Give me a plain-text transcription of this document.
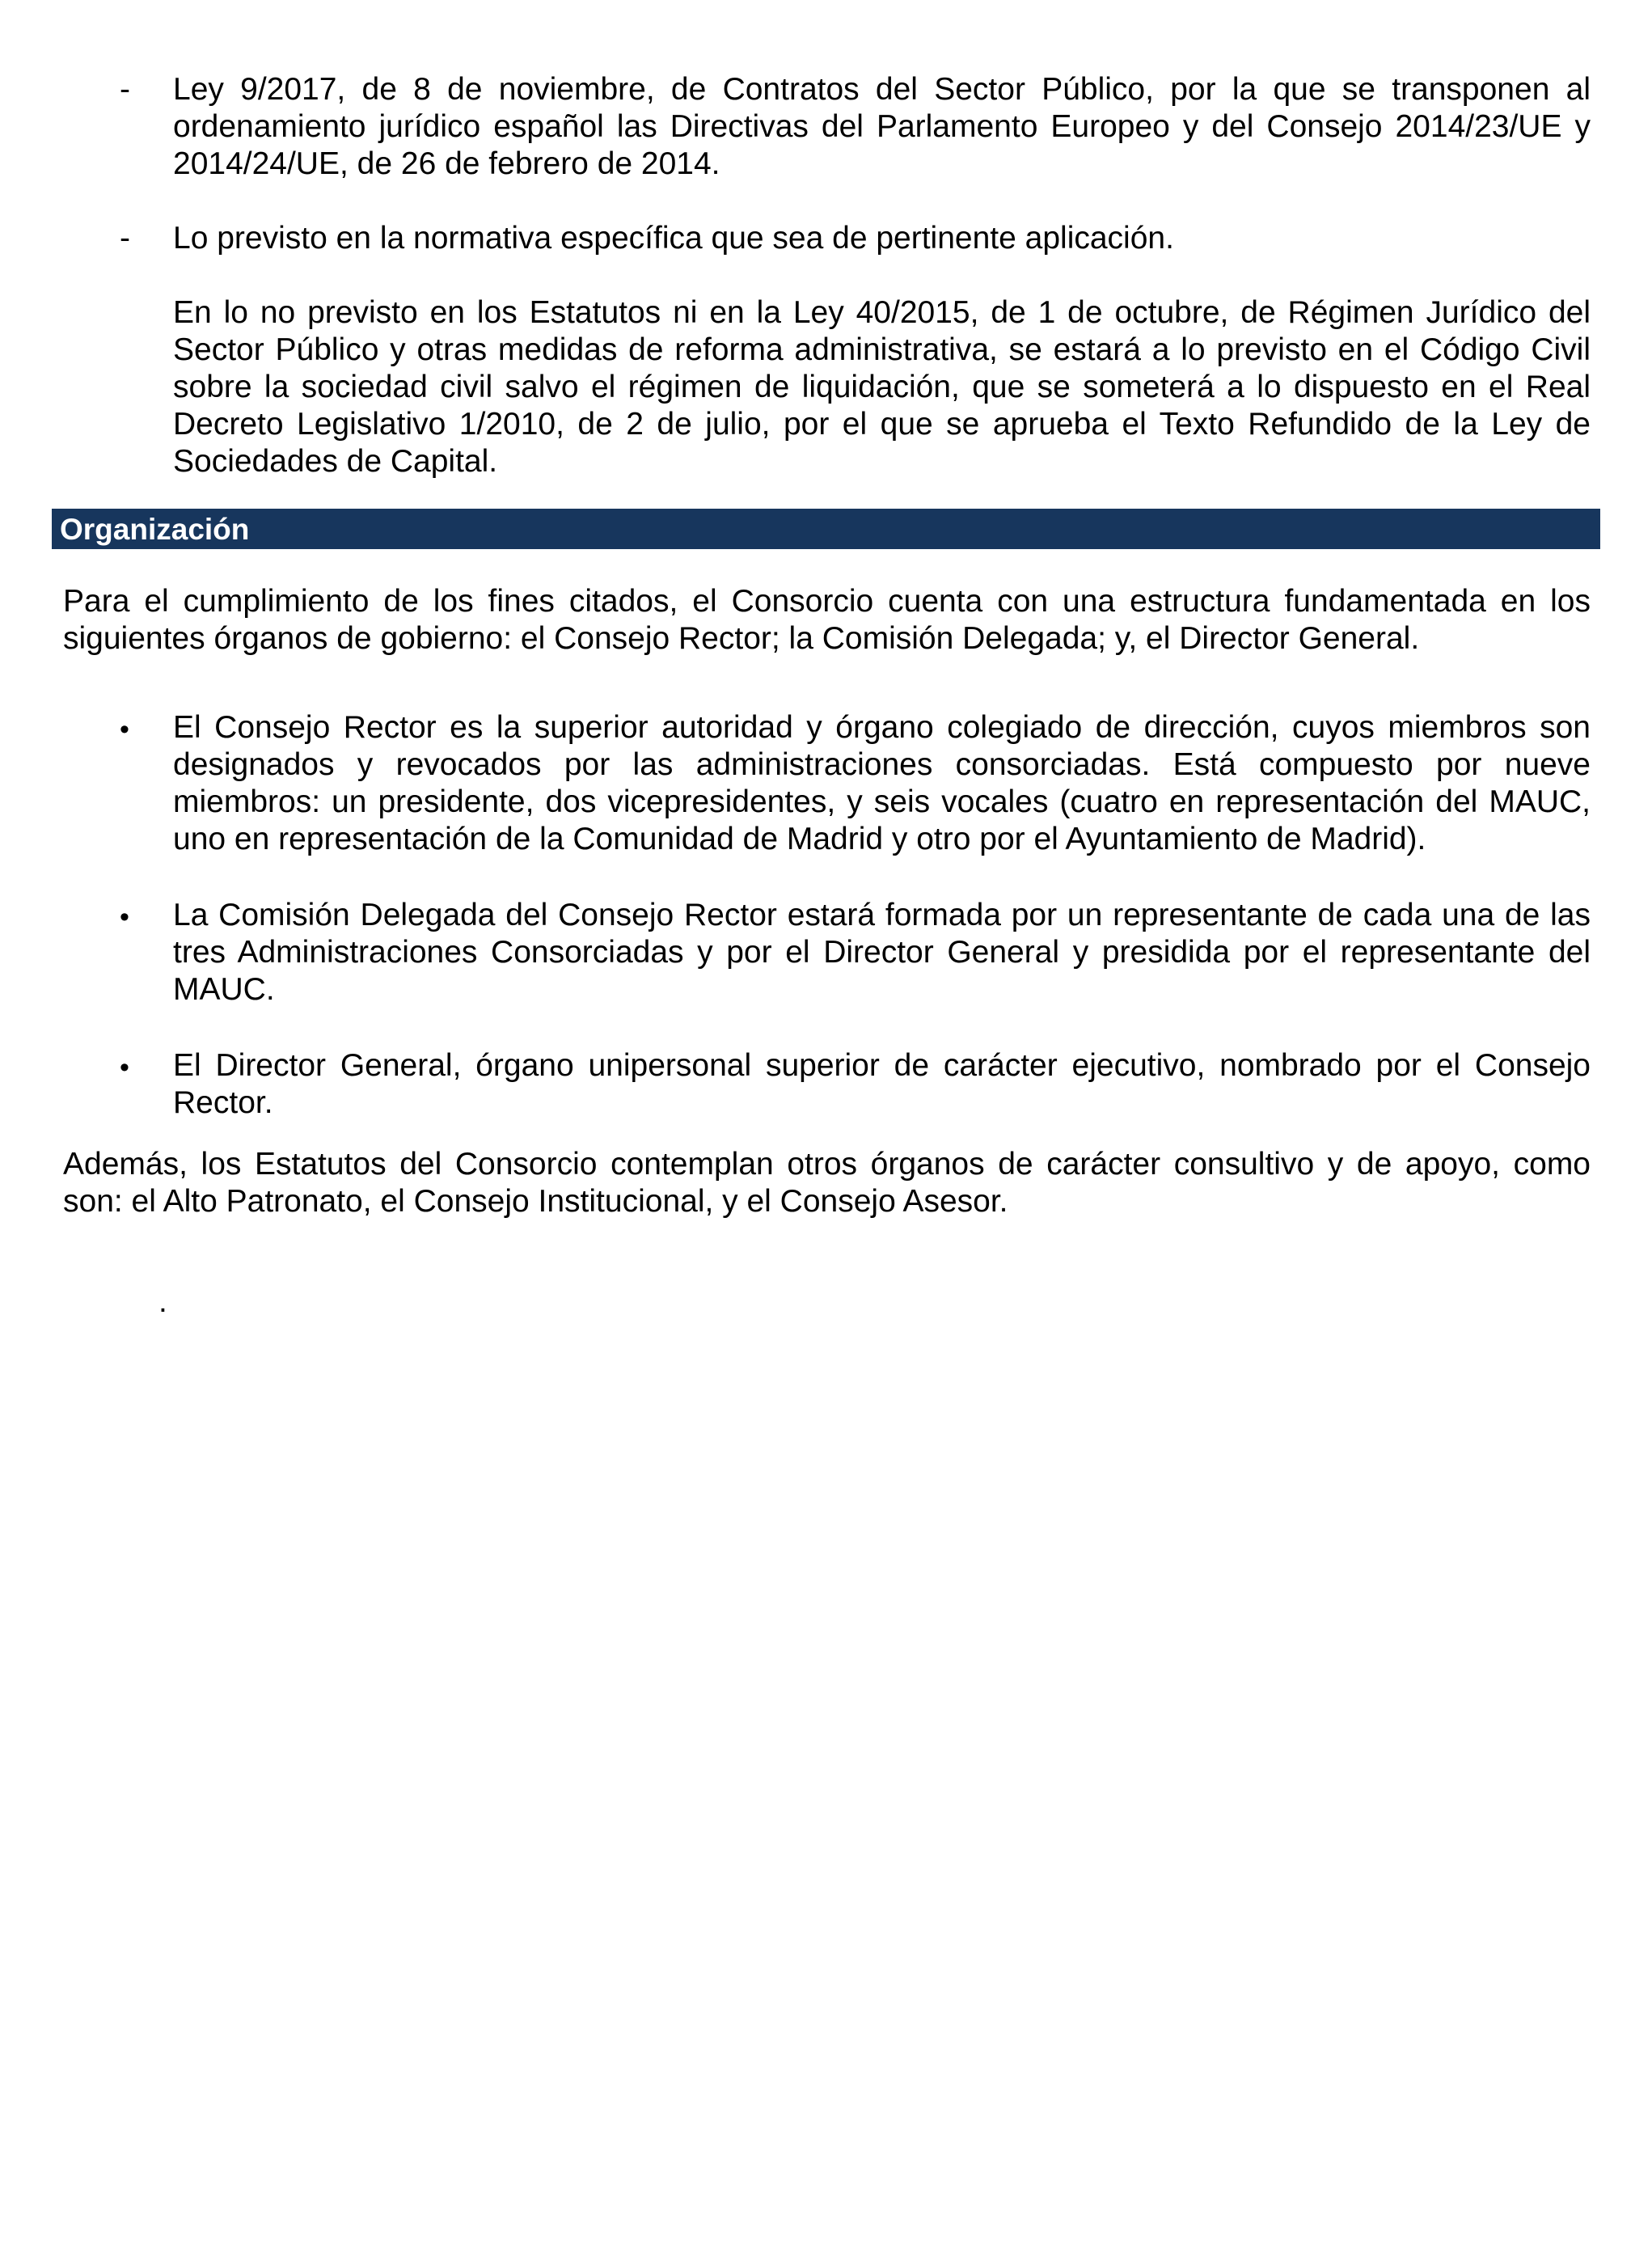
- Ley 9/2017, de 8 de noviembre, de Contratos del Sector Público, por la que se transponen al ordenamiento jurídico español las Directivas del Parlamento Europeo y del Consejo 2014/23/UE y 2014/24/UE, de 26 de febrero de 2014.
- Lo previsto en la normativa específica que sea de pertinente aplicación.
En lo no previsto en los Estatutos ni en la Ley 40/2015, de 1 de octubre, de Régimen Jurídico del Sector Público y otras medidas de reforma administrativa, se estará a lo previsto en el Código Civil sobre la sociedad civil salvo el régimen de liquidación, que se someterá a lo dispuesto en el Real Decreto Legislativo 1/2010, de 2 de julio, por el que se aprueba el Texto Refundido de la Ley de Sociedades de Capital.
Organización
Para el cumplimiento de los fines citados, el Consorcio cuenta con una estructura fundamentada en los siguientes órganos de gobierno: el Consejo Rector; la Comisión Delegada; y, el Director General.
• El Consejo Rector es la superior autoridad y órgano colegiado de dirección, cuyos miembros son designados y revocados por las administraciones consorciadas. Está compuesto por nueve miembros: un presidente, dos vicepresidentes, y seis vocales (cuatro en representación del MAUC, uno en representación de la Comunidad de Madrid y otro por el Ayuntamiento de Madrid).
• La Comisión Delegada del Consejo Rector estará formada por un representante de cada una de las tres Administraciones Consorciadas y por el Director General y presidida por el representante del MAUC.
• El Director General, órgano unipersonal superior de carácter ejecutivo, nombrado por el Consejo Rector.
Además, los Estatutos del Consorcio contemplan otros órganos de carácter consultivo y de apoyo, como son: el Alto Patronato, el Consejo Institucional, y el Consejo Asesor.
.
